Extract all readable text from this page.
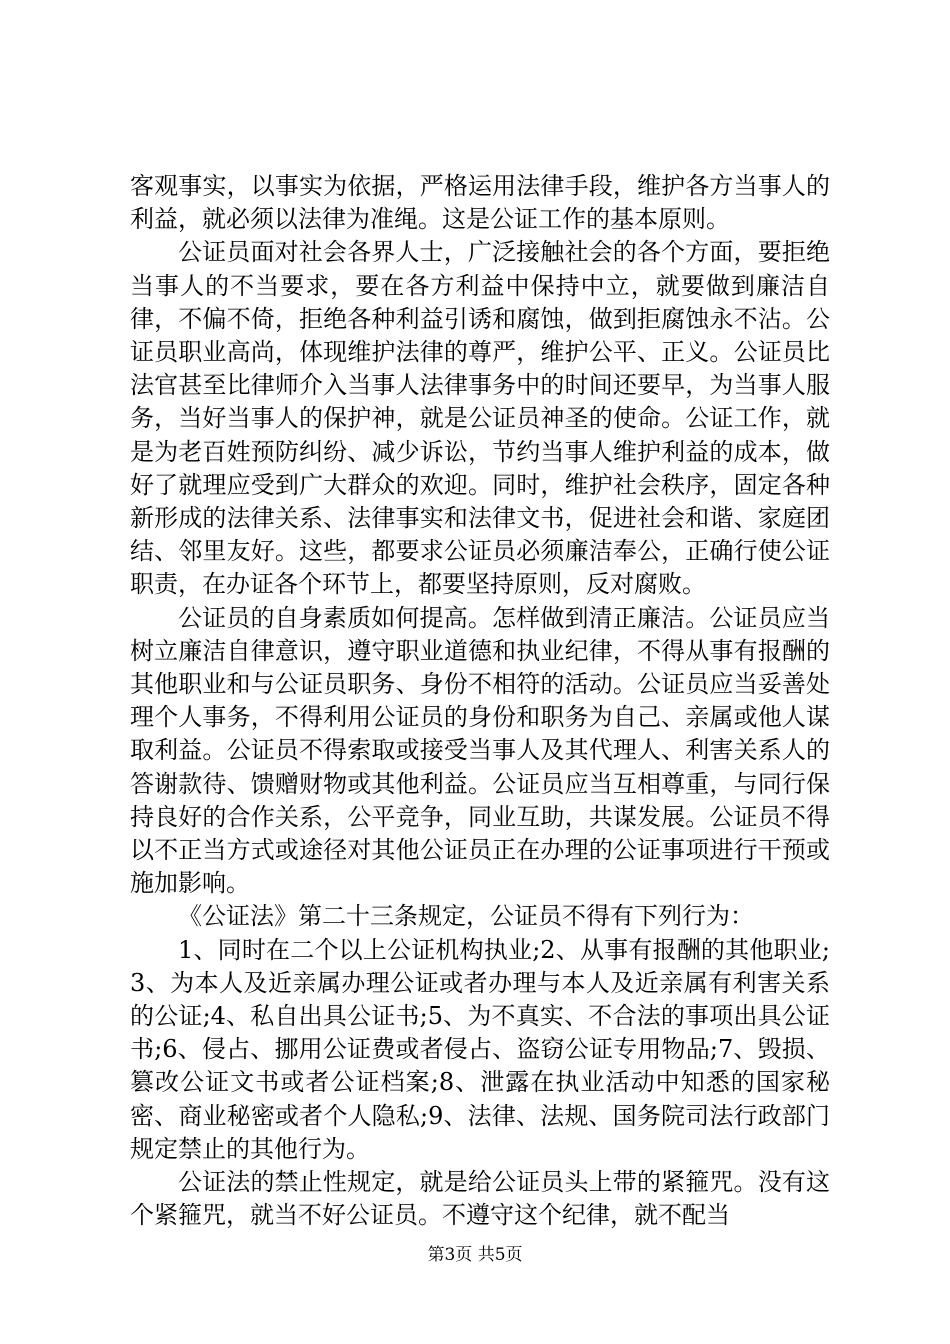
客观事实，以事实为依据，严格运用法律手段，维护各方当事人的利益，就必须以法律为准绳。这是公证工作的基本原则。

公证员面对社会各界人士，广泛接触社会的各个方面，要拒绝当事人的不当要求，要在各方利益中保持中立，就要做到廉洁自律，不偏不倚，拒绝各种利益引诱和腐蚀，做到拒腐蚀永不沾。公证员职业高尚，体现维护法律的尊严，维护公平、正义。公证员比法官甚至比律师介入当事人法律事务中的时间还要早，为当事人服务，当好当事人的保护神，就是公证员神圣的使命。公证工作，就是为老百姓预防纠纷、减少诉讼，节约当事人维护利益的成本，做好了就理应受到广大群众的欢迎。同时，维护社会秩序，固定各种新形成的法律关系、法律事实和法律文书，促进社会和谐、家庭团结、邻里友好。这些，都要求公证员必须廉洁奉公，正确行使公证职责，在办证各个环节上，都要坚持原则，反对腐败。

公证员的自身素质如何提高。怎样做到清正廉洁。公证员应当树立廉洁自律意识，遵守职业道德和执业纪律，不得从事有报酬的其他职业和与公证员职务、身份不相符的活动。公证员应当妥善处理个人事务，不得利用公证员的身份和职务为自己、亲属或他人谋取利益。公证员不得索取或接受当事人及其代理人、利害关系人的答谢款待、馈赠财物或其他利益。公证员应当互相尊重，与同行保持良好的合作关系，公平竞争，同业互助，共谋发展。公证员不得以不正当方式或途径对其他公证员正在办理的公证事项进行干预或施加影响。

《公证法》第二十三条规定，公证员不得有下列行为：

1、同时在二个以上公证机构执业;2、从事有报酬的其他职业;3、为本人及近亲属办理公证或者办理与本人及近亲属有利害关系的公证;4、私自出具公证书;5、为不真实、不合法的事项出具公证书;6、侵占、挪用公证费或者侵占、盗窃公证专用物品;7、毁损、篡改公证文书或者公证档案;8、泄露在执业活动中知悉的国家秘密、商业秘密或者个人隐私;9、法律、法规、国务院司法行政部门规定禁止的其他行为。

公证法的禁止性规定，就是给公证员头上带的紧箍咒。没有这个紧箍咒，就当不好公证员。不遵守这个纪律，就不配当

第3页 共5页
